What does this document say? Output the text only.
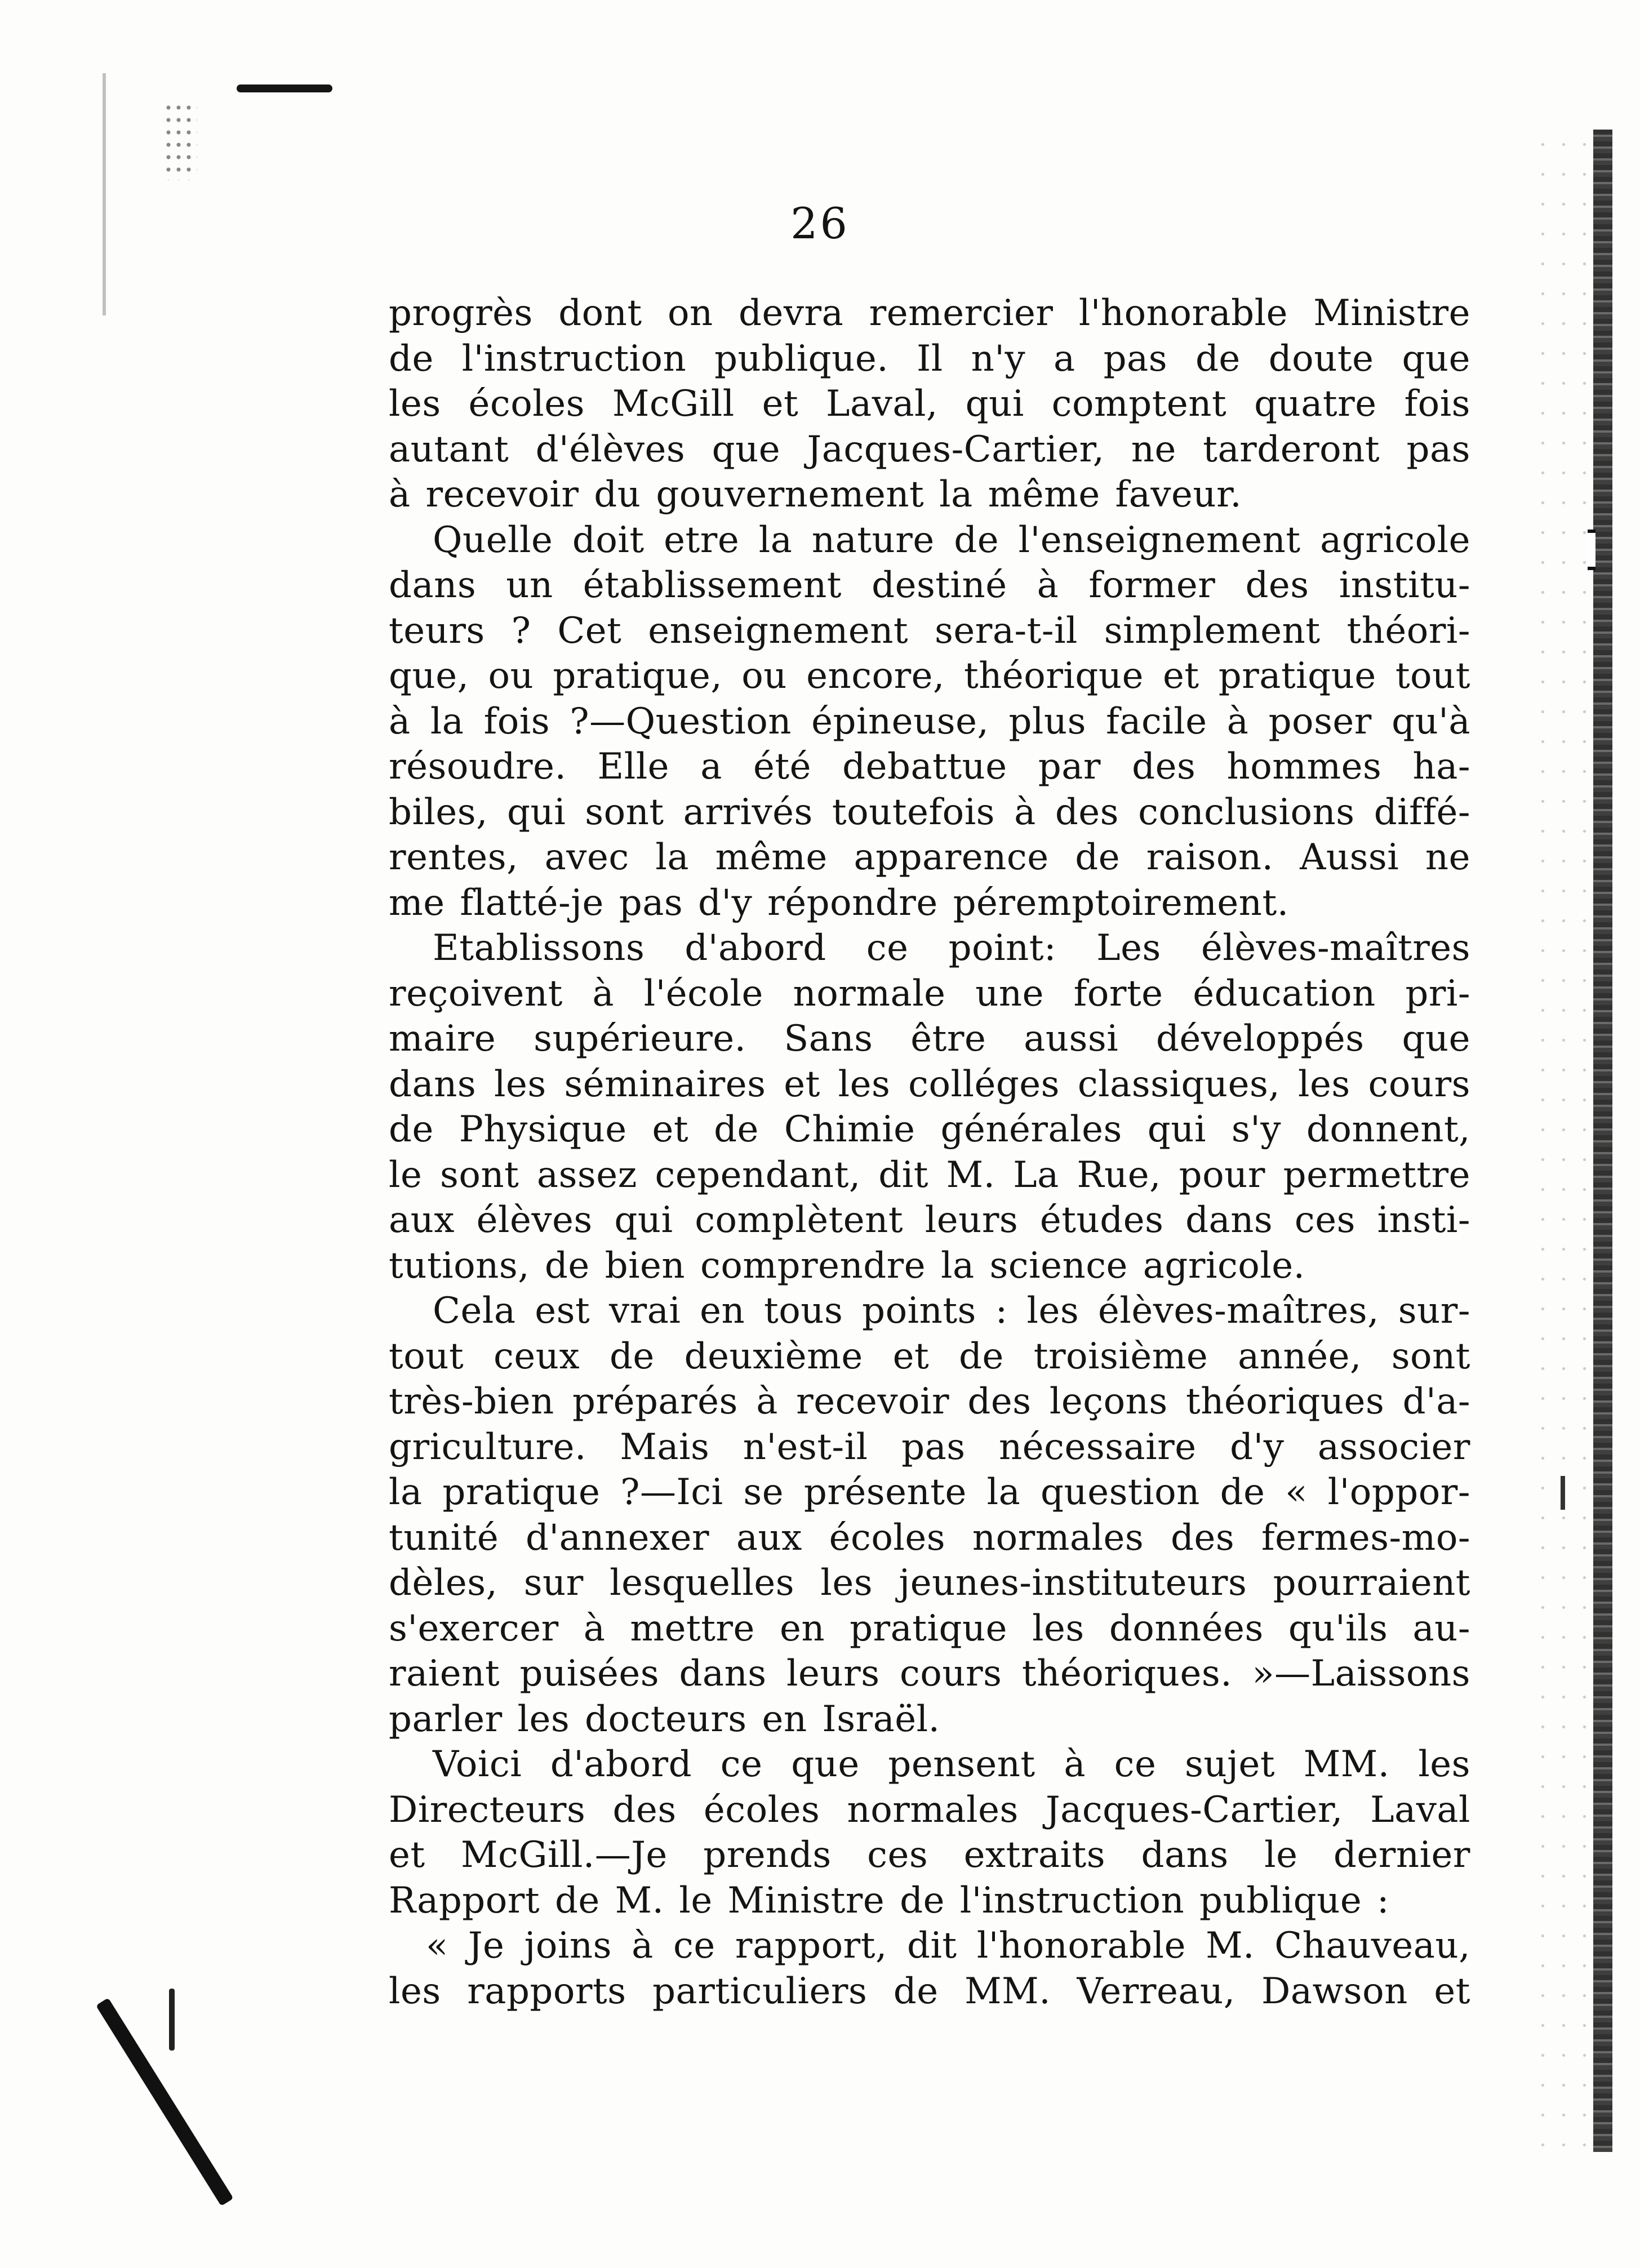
26
progrès dont on devra remercier l'honorable Ministre
de l'instruction publique. Il n'y a pas de doute que
les écoles McGill et Laval, qui comptent quatre fois
autant d'élèves que Jacques-Cartier, ne tarderont pas
à recevoir du gouvernement la même faveur.
Quelle doit etre la nature de l'enseignement agricole
dans un établissement destiné à former des institu-
teurs ? Cet enseignement sera-t-il simplement théori-
que, ou pratique, ou encore, théorique et pratique tout
à la fois ?—Question épineuse, plus facile à poser qu'à
résoudre. Elle a été debattue par des hommes ha-
biles, qui sont arrivés toutefois à des conclusions diffé-
rentes, avec la même apparence de raison. Aussi ne
me flatté-je pas d'y répondre péremptoirement.
Etablissons d'abord ce point: Les élèves-maîtres
reçoivent à l'école normale une forte éducation pri-
maire supérieure. Sans être aussi développés que
dans les séminaires et les colléges classiques, les cours
de Physique et de Chimie générales qui s'y donnent,
le sont assez cependant, dit M. La Rue, pour permettre
aux élèves qui complètent leurs études dans ces insti-
tutions, de bien comprendre la science agricole.
Cela est vrai en tous points : les élèves-maîtres, sur-
tout ceux de deuxième et de troisième année, sont
très-bien préparés à recevoir des leçons théoriques d'a-
griculture. Mais n'est-il pas nécessaire d'y associer
la pratique ?—Ici se présente la question de « l'oppor-
tunité d'annexer aux écoles normales des fermes-mo-
dèles, sur lesquelles les jeunes-instituteurs pourraient
s'exercer à mettre en pratique les données qu'ils au-
raient puisées dans leurs cours théoriques. »—Laissons
parler les docteurs en Israël.
Voici d'abord ce que pensent à ce sujet MM. les
Directeurs des écoles normales Jacques-Cartier, Laval
et McGill.—Je prends ces extraits dans le dernier
Rapport de M. le Ministre de l'instruction publique :
« Je joins à ce rapport, dit l'honorable M. Chauveau,
les rapports particuliers de MM. Verreau, Dawson et
